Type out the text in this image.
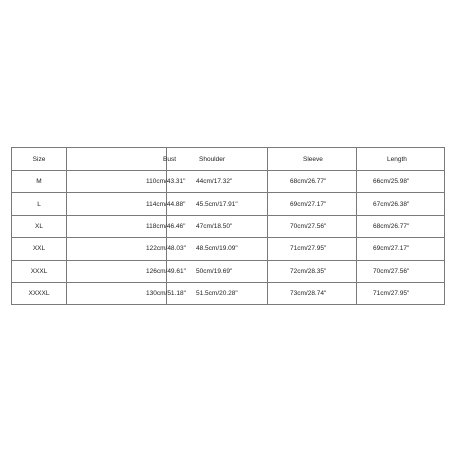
Size	Bust	Shoulder	Sleeve	Length
M	110cm/43.31"	44cm/17.32"	68cm/26.77"	66cm/25.98"
L	114cm/44.88"	45.5cm/17.91"	69cm/27.17"	67cm/26.38"
XL	118cm/46.46"	47cm/18.50"	70cm/27.56"	68cm/26.77"
XXL	122cm/48.03"	48.5cm/19.09"	71cm/27.95"	69cm/27.17"
XXXL	126cm/49.61"	50cm/19.69"	72cm/28.35"	70cm/27.56"
XXXXL	130cm/51.18"	51.5cm/20.28"	73cm/28.74"	71cm/27.95"
